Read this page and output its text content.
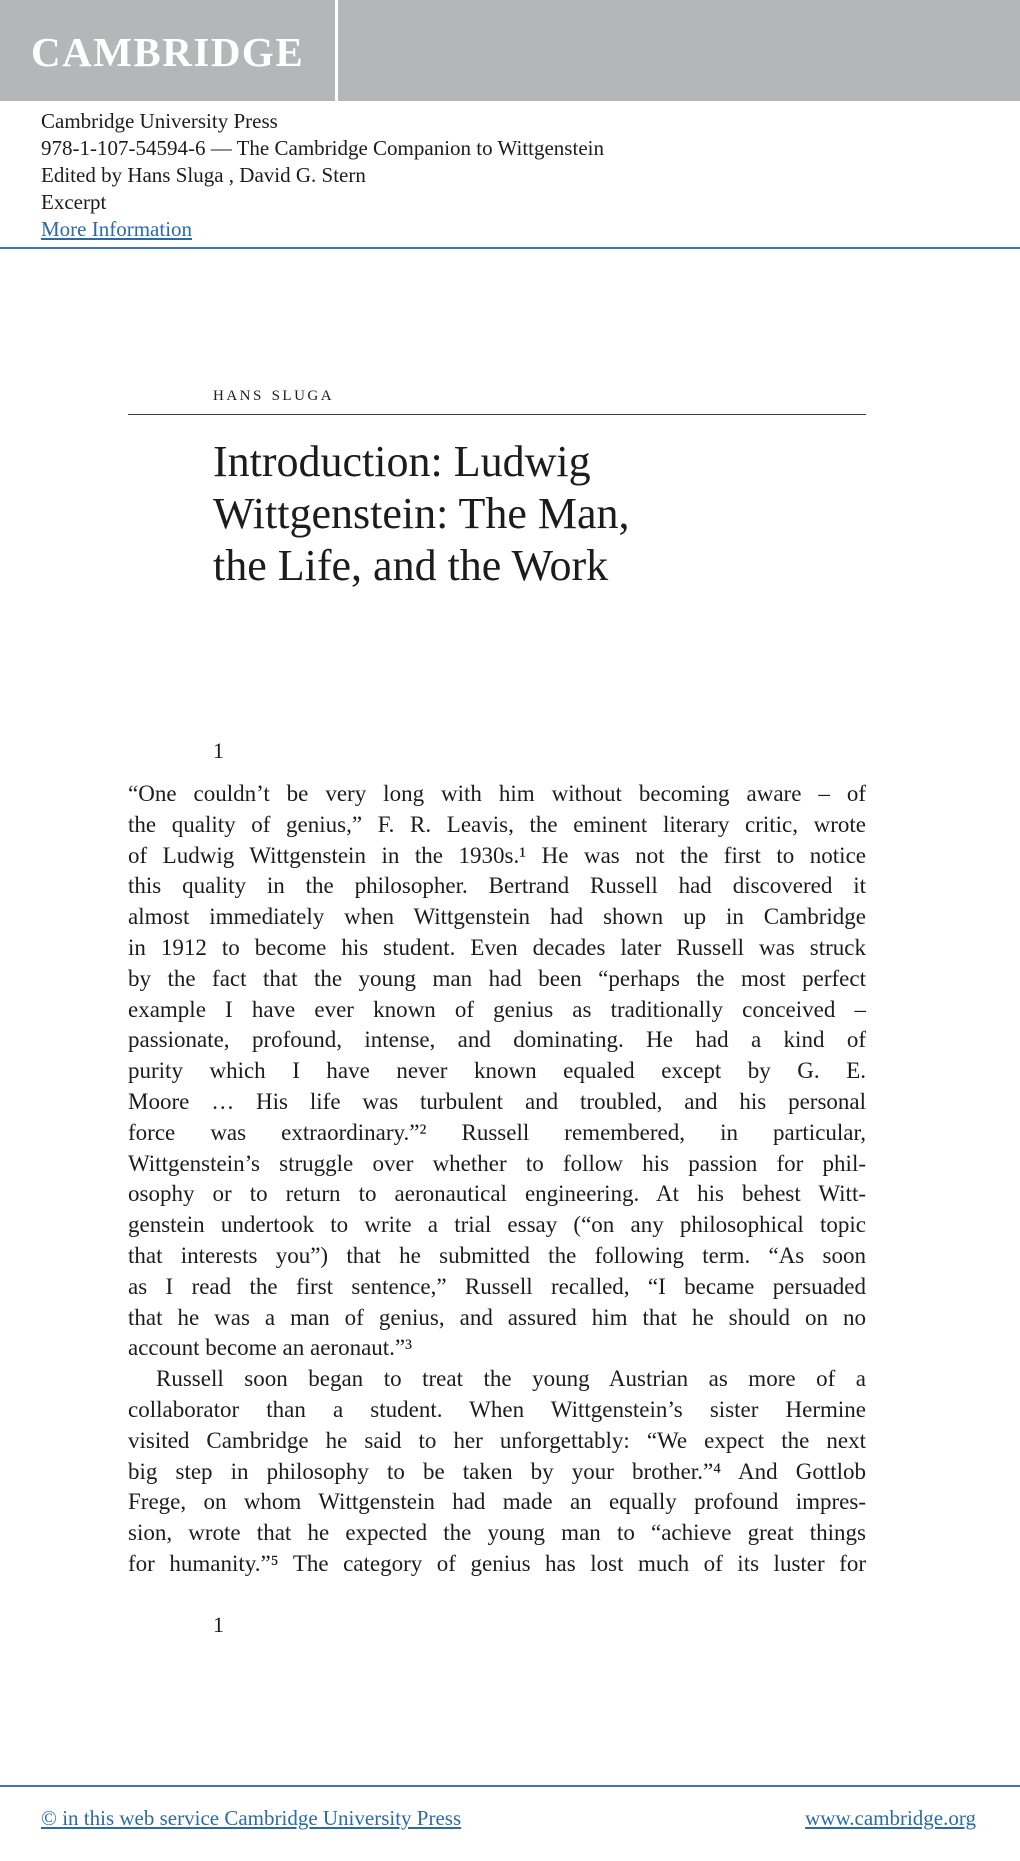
CAMBRIDGE
Cambridge University Press
978-1-107-54594-6 — The Cambridge Companion to Wittgenstein
Edited by Hans Sluga , David G. Stern
Excerpt
More Information
hans sluga
Introduction: Ludwig
Wittgenstein: The Man,
the Life, and the Work
1
“One couldn’t be very long with him without becoming aware – of
the quality of genius,” F. R. Leavis, the eminent literary critic, wrote
of Ludwig Wittgenstein in the 1930s.¹ He was not the first to notice
this quality in the philosopher. Bertrand Russell had discovered it
almost immediately when Wittgenstein had shown up in Cambridge
in 1912 to become his student. Even decades later Russell was struck
by the fact that the young man had been “perhaps the most perfect
example I have ever known of genius as traditionally conceived –
passionate, profound, intense, and dominating. He had a kind of
purity which I have never known equaled except by G. E.
Moore … His life was turbulent and troubled, and his personal
force was extraordinary.”² Russell remembered, in particular,
Wittgenstein’s struggle over whether to follow his passion for phil-
osophy or to return to aeronautical engineering. At his behest Witt-
genstein undertook to write a trial essay (“on any philosophical topic
that interests you”) that he submitted the following term. “As soon
as I read the first sentence,” Russell recalled, “I became persuaded
that he was a man of genius, and assured him that he should on no
account become an aeronaut.”³
Russell soon began to treat the young Austrian as more of a
collaborator than a student. When Wittgenstein’s sister Hermine
visited Cambridge he said to her unforgettably: “We expect the next
big step in philosophy to be taken by your brother.”⁴ And Gottlob
Frege, on whom Wittgenstein had made an equally profound impres-
sion, wrote that he expected the young man to “achieve great things
for humanity.”⁵ The category of genius has lost much of its luster for
1
© in this web service Cambridge University Press	www.cambridge.org
